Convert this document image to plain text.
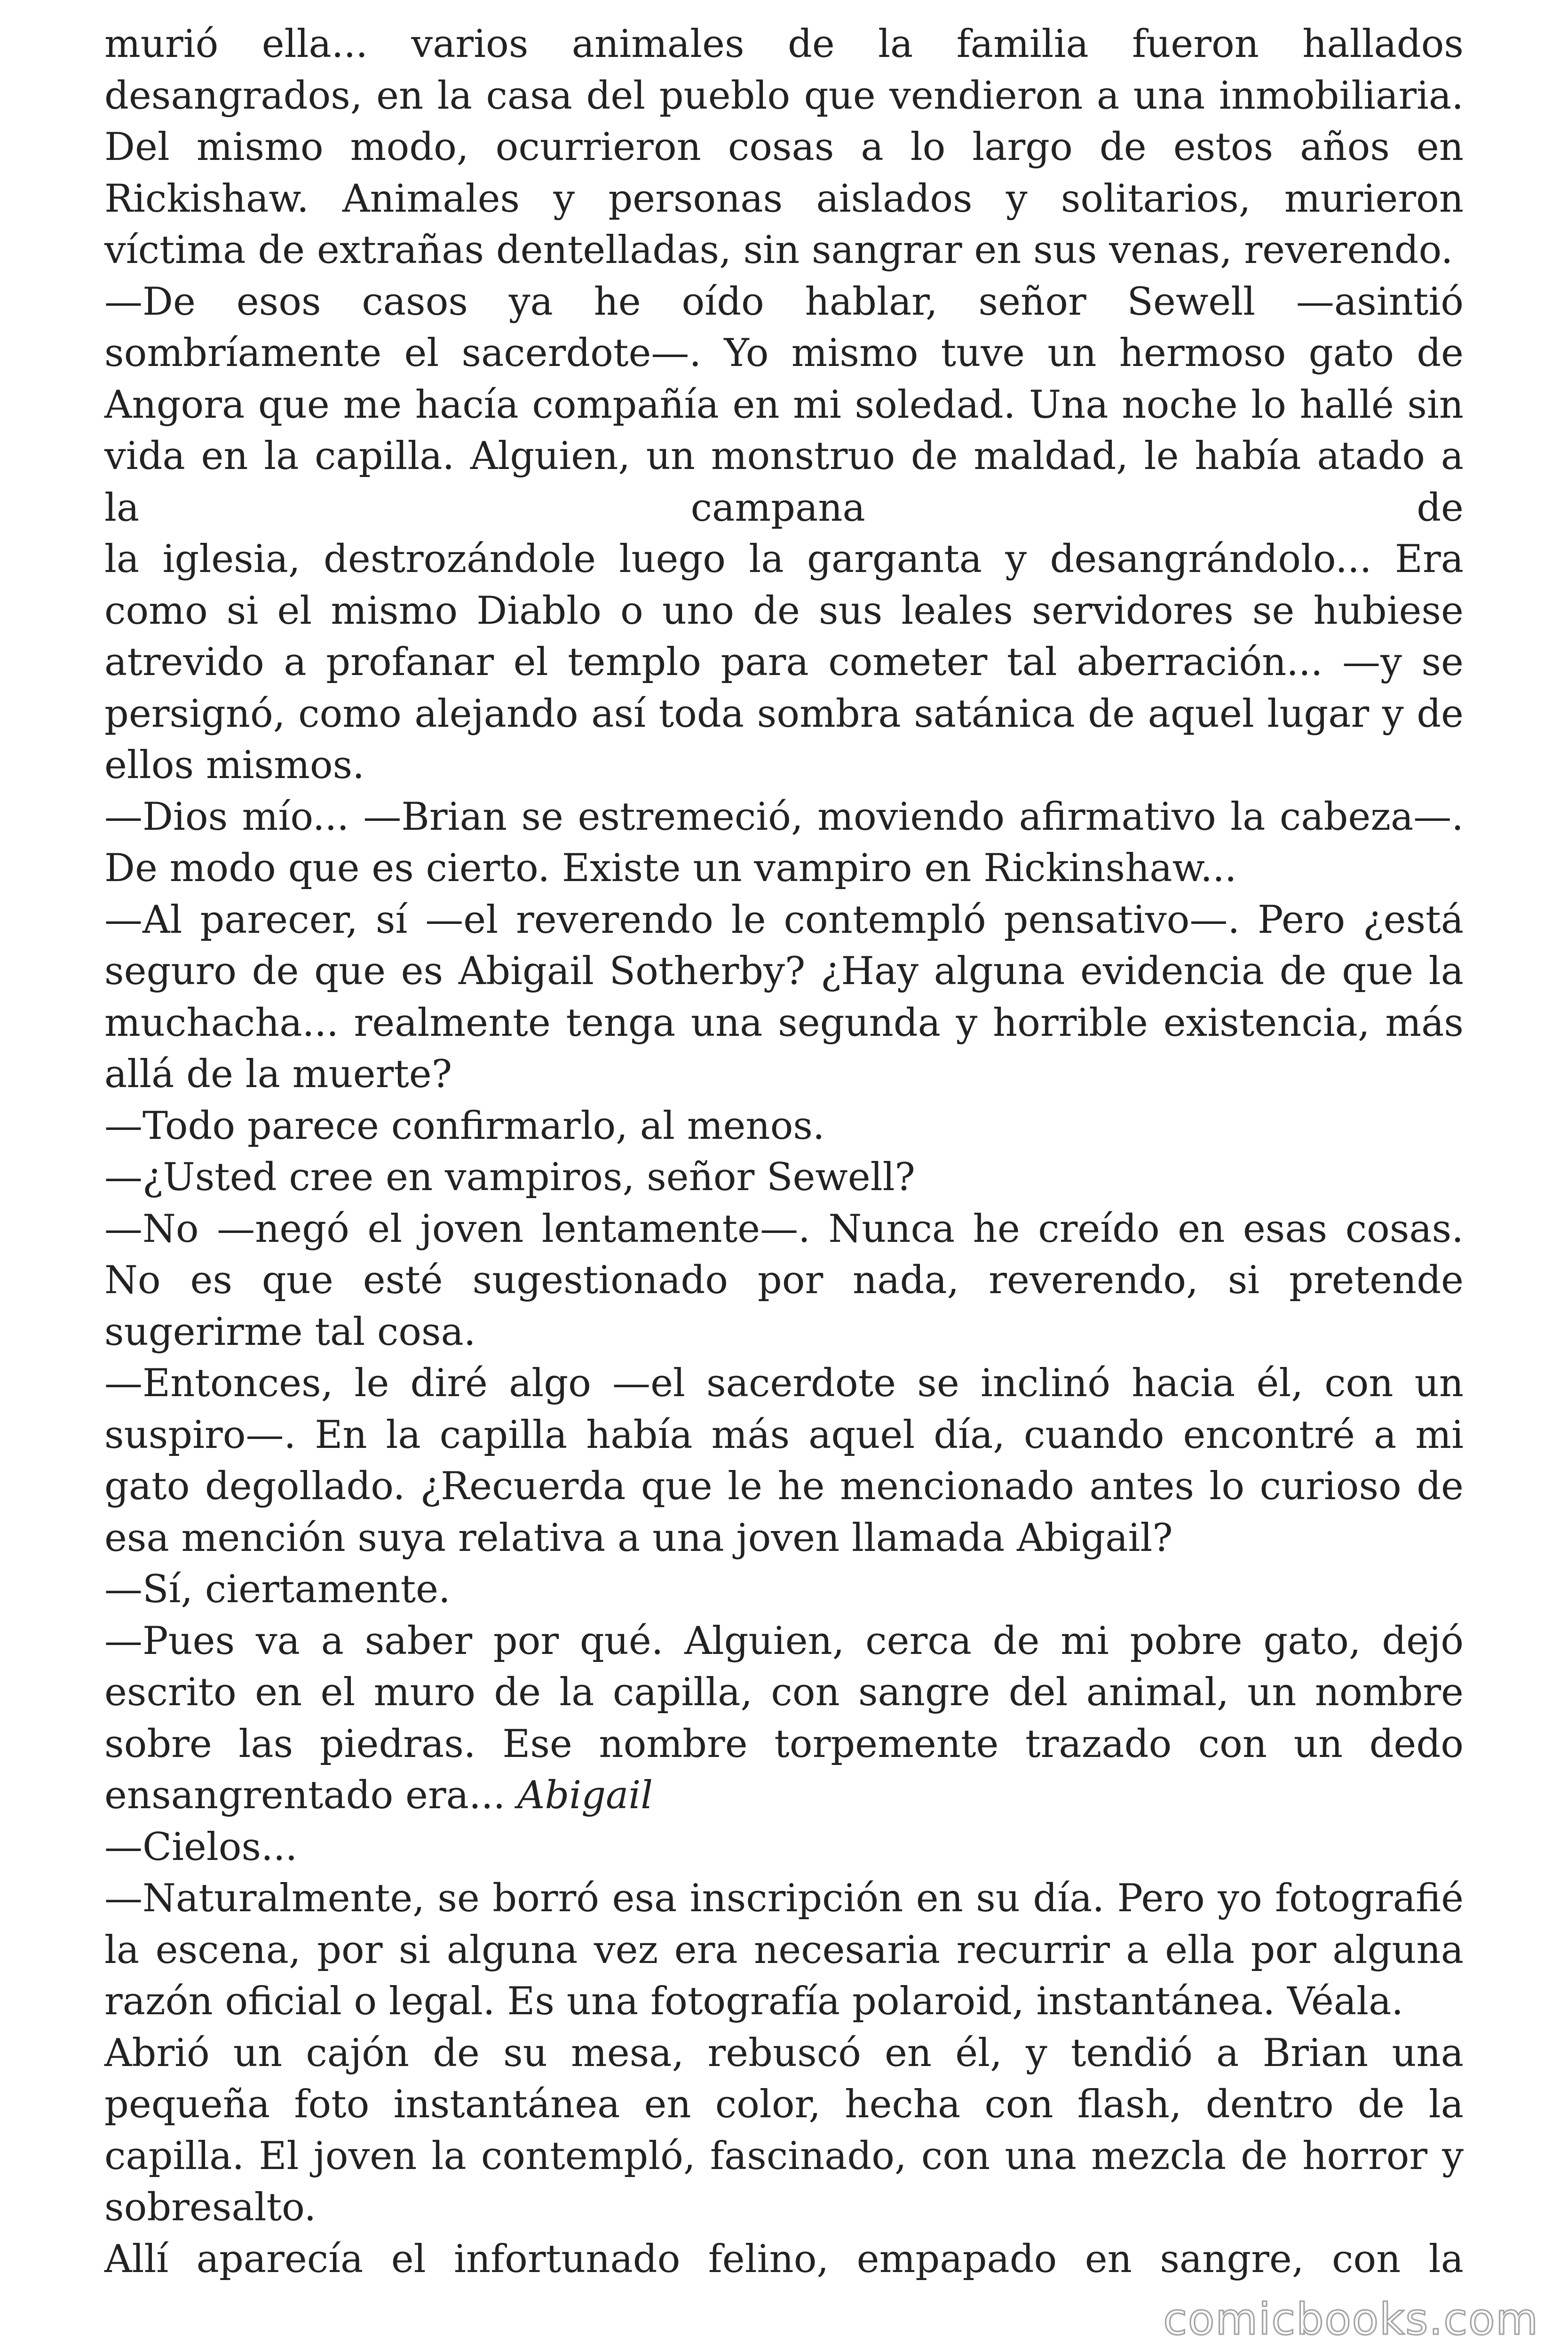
murió ella... varios animales de la familia fueron hallados desangrados, en la casa del pueblo que vendieron a una inmobiliaria. Del mismo modo, ocurrieron cosas a lo largo de estos años en Rickishaw. Animales y personas aislados y solitarios, murieron víctima de extrañas dentelladas, sin sangrar en sus venas, reverendo.

—De esos casos ya he oído hablar, señor Sewell —asintió sombríamente el sacerdote—. Yo mismo tuve un hermoso gato de Angora que me hacía compañía en mi soledad. Una noche lo hallé sin vida en la capilla. Alguien, un monstruo de maldad, le había atado a la campana de

la iglesia, destrozándole luego la garganta y desangrándolo... Era como si el mismo Diablo o uno de sus leales servidores se hubiese atrevido a profanar el templo para cometer tal aberración... —y se persignó, como alejando así toda sombra satánica de aquel lugar y de ellos mismos.

—Dios mío... —Brian se estremeció, moviendo afirmativo la cabeza—. De modo que es cierto. Existe un vampiro en Rickinshaw...

—Al parecer, sí —el reverendo le contempló pensativo—. Pero ¿está seguro de que es Abigail Sotherby? ¿Hay alguna evidencia de que la muchacha... realmente tenga una segunda y horrible existencia, más allá de la muerte?

—Todo parece confirmarlo, al menos.

—¿Usted cree en vampiros, señor Sewell?

—No —negó el joven lentamente—. Nunca he creído en esas cosas. No es que esté sugestionado por nada, reverendo, si pretende sugerirme tal cosa.

—Entonces, le diré algo —el sacerdote se inclinó hacia él, con un suspiro—. En la capilla había más aquel día, cuando encontré a mi gato degollado. ¿Recuerda que le he mencionado antes lo curioso de esa mención suya relativa a una joven llamada Abigail?

—Sí, ciertamente.

—Pues va a saber por qué. Alguien, cerca de mi pobre gato, dejó escrito en el muro de la capilla, con sangre del animal, un nombre sobre las piedras. Ese nombre torpemente trazado con un dedo ensangrentado era... Abigail

—Cielos...

—Naturalmente, se borró esa inscripción en su día. Pero yo fotografié la escena, por si alguna vez era necesaria recurrir a ella por alguna razón oficial o legal. Es una fotografía polaroid, instantánea. Véala.

Abrió un cajón de su mesa, rebuscó en él, y tendió a Brian una pequeña foto instantánea en color, hecha con flash, dentro de la capilla. El joven la contempló, fascinado, con una mezcla de horror y sobresalto.

Allí aparecía el infortunado felino, empapado en sangre, con la

comicbooks.com
